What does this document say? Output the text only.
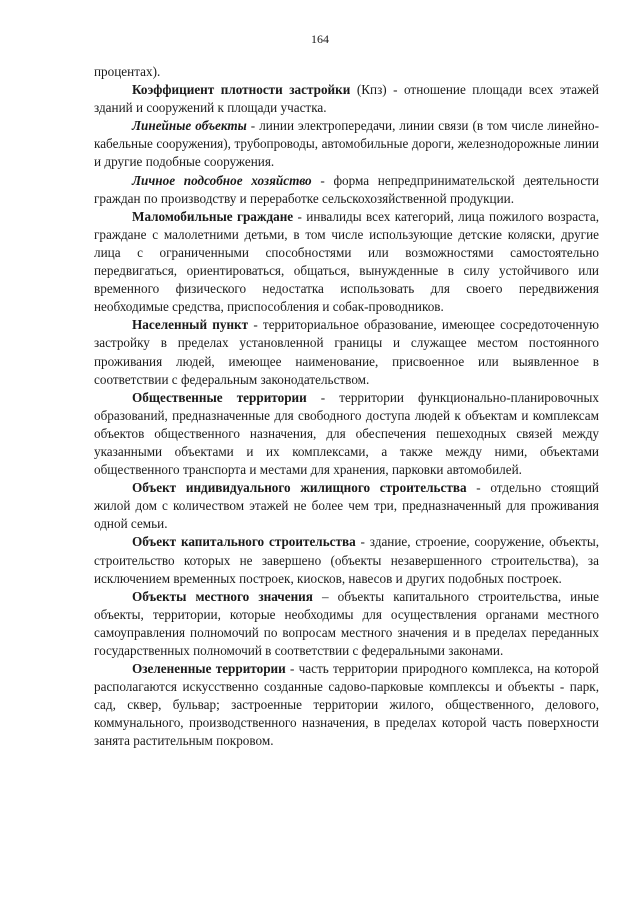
164

процентах).

Коэффициент плотности застройки (Кпз) - отношение площади всех этажей зданий и сооружений к площади участка.

Линейные объекты - линии электропередачи, линии связи (в том числе линейно-кабельные сооружения), трубопроводы, автомобильные дороги, железнодорожные линии и другие подобные сооружения.

Личное подсобное хозяйство - форма непредпринимательской деятельности граждан по производству и переработке сельскохозяйственной продукции.

Маломобильные граждане - инвалиды всех категорий, лица пожилого возраста, граждане с малолетними детьми, в том числе использующие детские коляски, другие лица с ограниченными способностями или возможностями самостоятельно передвигаться, ориентироваться, общаться, вынужденные в силу устойчивого или временного физического недостатка использовать для своего передвижения необходимые средства, приспособления и собак-проводников.

Населенный пункт - территориальное образование, имеющее сосредоточенную застройку в пределах установленной границы и служащее местом постоянного проживания людей, имеющее наименование, присвоенное или выявленное в соответствии с федеральным законодательством.

Общественные территории - территории функционально-планировочных образований, предназначенные для свободного доступа людей к объектам и комплексам объектов общественного назначения, для обеспечения пешеходных связей между указанными объектами и их комплексами, а также между ними, объектами общественного транспорта и местами для хранения, парковки автомобилей.

Объект индивидуального жилищного строительства - отдельно стоящий жилой дом с количеством этажей не более чем три, предназначенный для проживания одной семьи.

Объект капитального строительства - здание, строение, сооружение, объекты, строительство которых не завершено (объекты незавершенного строительства), за исключением временных построек, киосков, навесов и других подобных построек.

Объекты местного значения – объекты капитального строительства, иные объекты, территории, которые необходимы для осуществления органами местного самоуправления полномочий по вопросам местного значения и в пределах переданных государственных полномочий в соответствии с федеральными законами.

Озелененные территории - часть территории природного комплекса, на которой располагаются искусственно созданные садово-парковые комплексы и объекты - парк, сад, сквер, бульвар; застроенные территории жилого, общественного, делового, коммунального, производственного назначения, в пределах которой часть поверхности занята растительным покровом.
